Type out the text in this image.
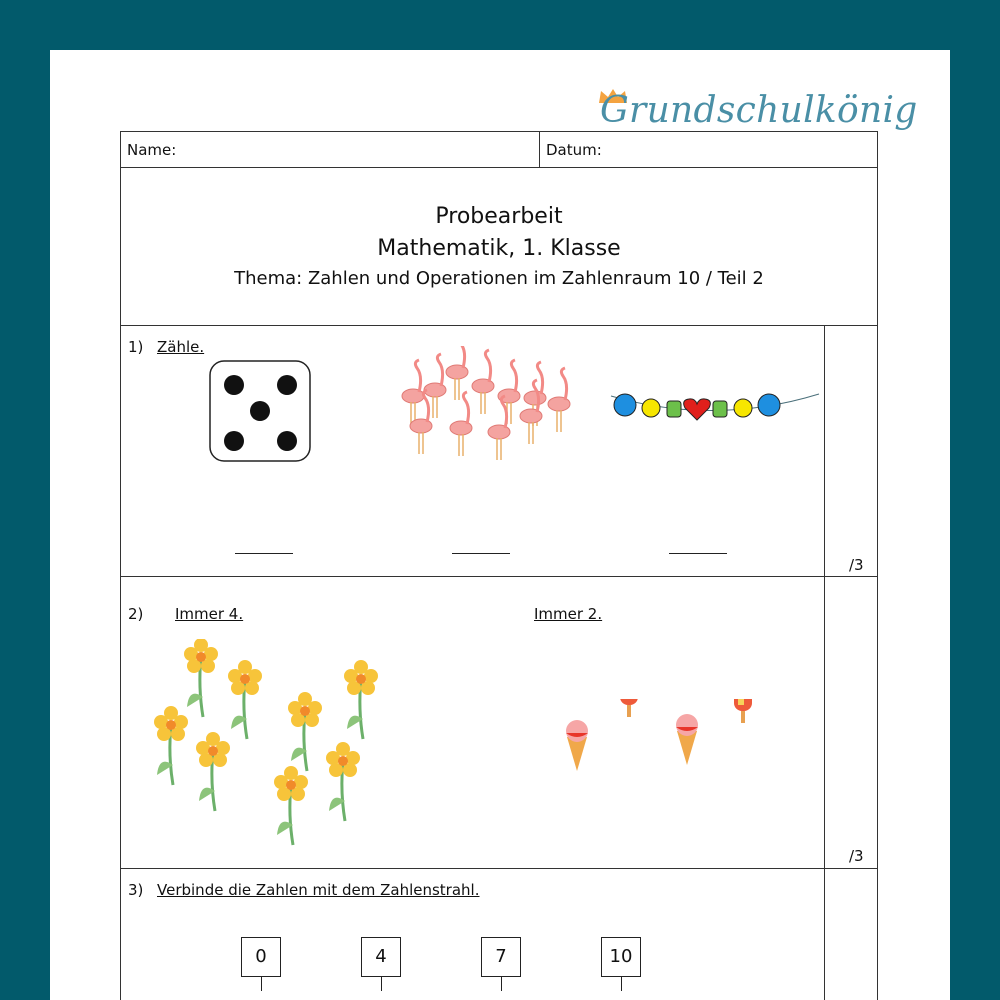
Grundschulkönig
Name:	Datum:
Probearbeit
Mathematik, 1. Klasse
Thema: Zahlen und Operationen im Zahlenraum 10 / Teil 2
1) Zähle.
/3
2) Immer 4.	Immer 2.
/3
3) Verbinde die Zahlen mit dem Zahlenstrahl.
0	4	7	10
